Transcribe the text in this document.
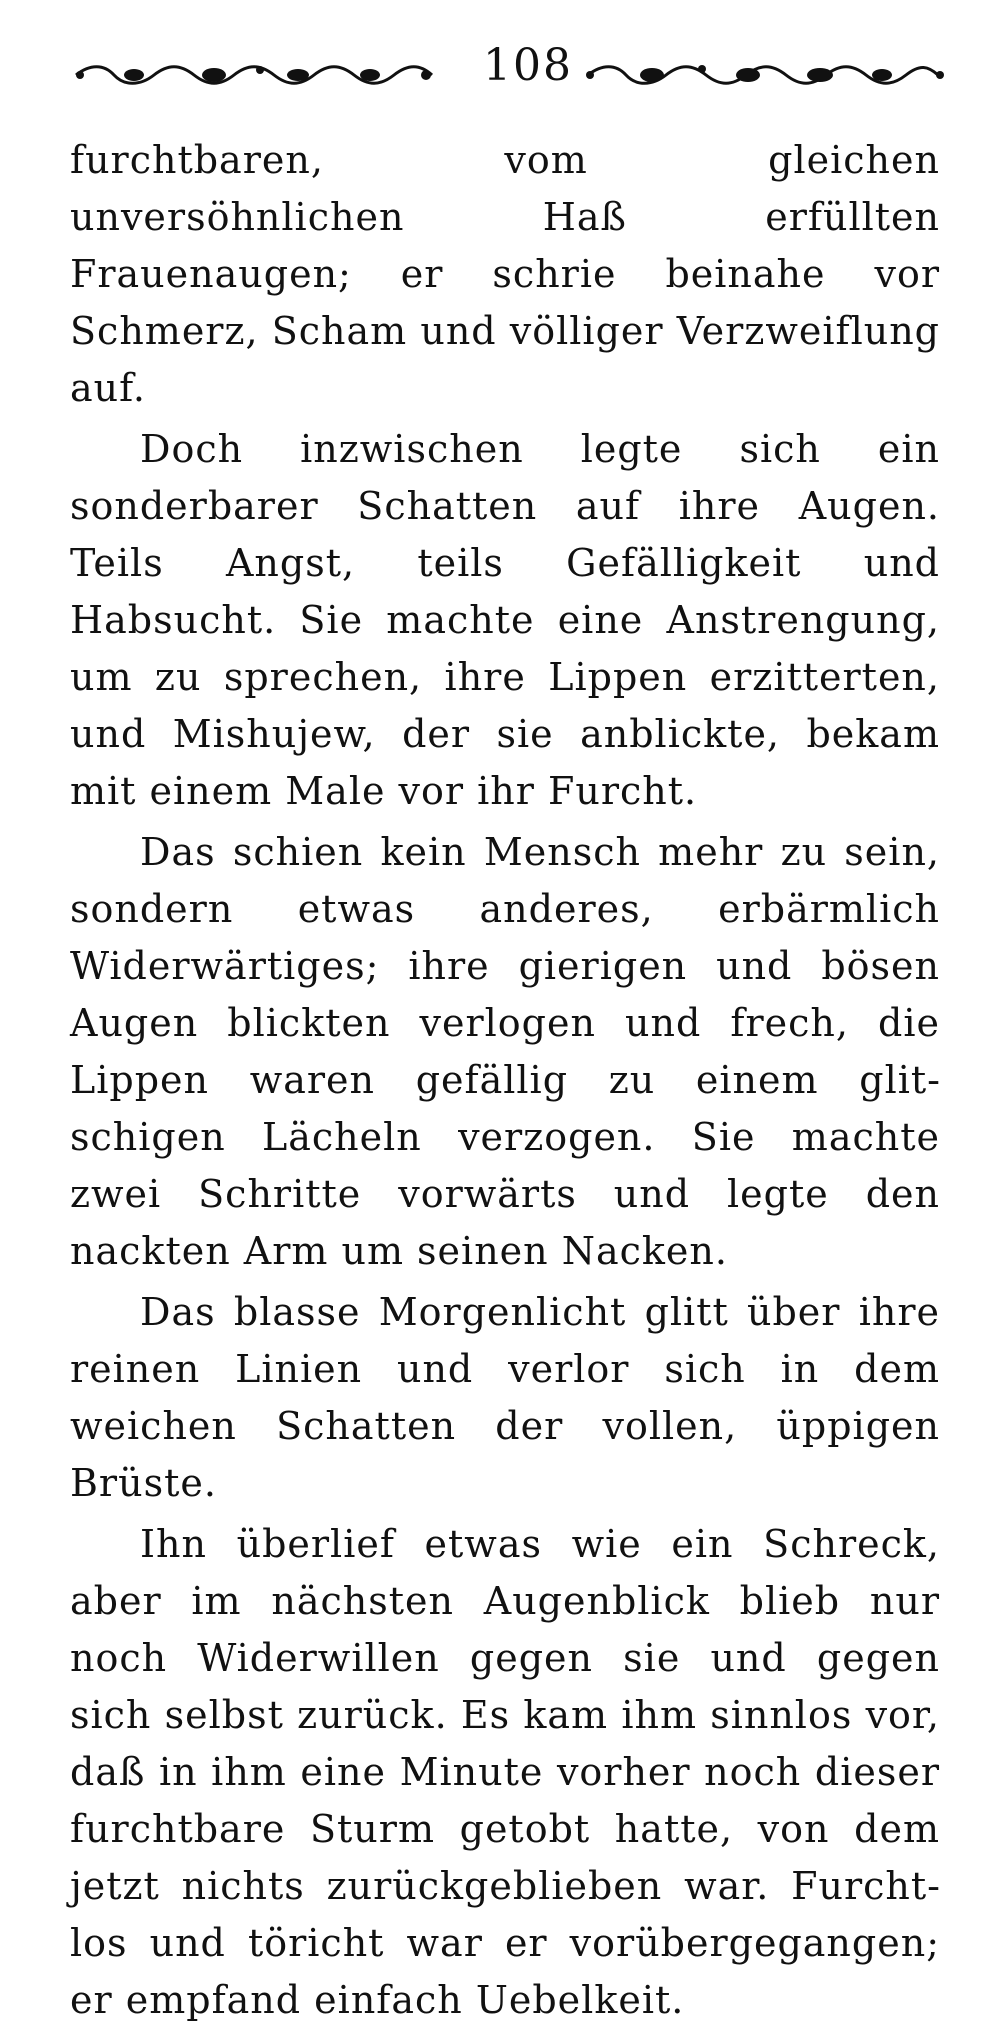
108

furchtbaren, vom gleichen unversöhnlichen Haß erfüllten Frauenaugen; er schrie beinahe vor Schmerz, Scham und völliger Verzweiflung auf.

Doch inzwischen legte sich ein sonderbarer Schatten auf ihre Augen. Teils Angst, teils Gefälligkeit und Habsucht. Sie machte eine Anstrengung, um zu sprechen, ihre Lippen erzitterten, und Mishujew, der sie anblickte, bekam mit einem Male vor ihr Furcht.

Das schien kein Mensch mehr zu sein, sondern etwas anderes, erbärmlich Widerwärtiges; ihre gierigen und bösen Augen blickten verlogen und frech, die Lippen waren gefällig zu einem glitschigen Lächeln verzogen. Sie machte zwei Schritte vorwärts und legte den nackten Arm um seinen Nacken.

Das blasse Morgenlicht glitt über ihre reinen Linien und verlor sich in dem weichen Schatten der vollen, üppigen Brüste.

Ihn überlief etwas wie ein Schreck, aber im nächsten Augenblick blieb nur noch Widerwillen gegen sie und gegen sich selbst zurück. Es kam ihm sinnlos vor, daß in ihm eine Minute vorher noch dieser furchtbare Sturm getobt hatte, von dem jetzt nichts zurückgeblieben war. Furchtlos und töricht war er vorübergegangen; er empfand einfach Uebelkeit.
